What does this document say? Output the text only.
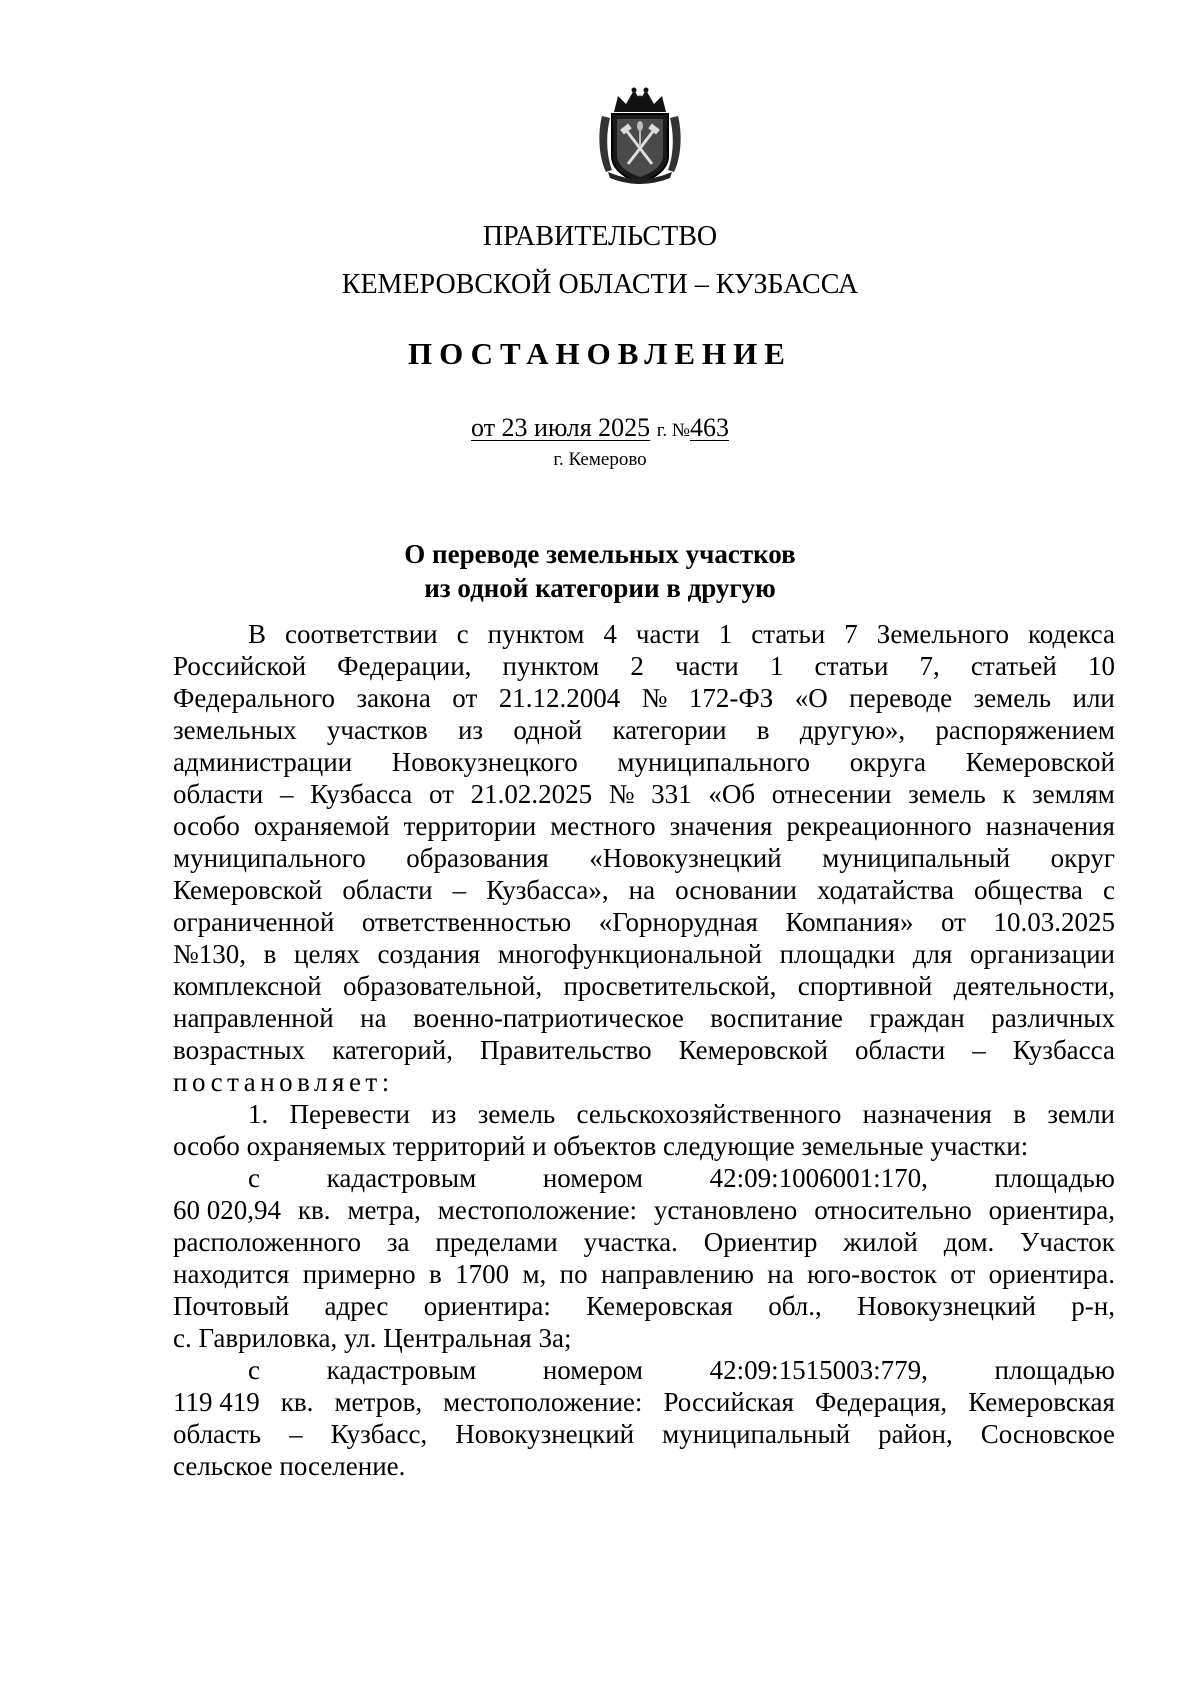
ПРАВИТЕЛЬСТВО
КЕМЕРОВСКОЙ ОБЛАСТИ – КУЗБАССА
ПОСТАНОВЛЕНИЕ
от 23 июля 2025 г. №463
г. Кемерово
О переводе земельных участков
из одной категории в другую
В соответствии с пунктом 4 части 1 статьи 7 Земельного кодекса
Российской Федерации, пунктом 2 части 1 статьи 7, статьей 10
Федерального закона от 21.12.2004 № 172-ФЗ «О переводе земель или
земельных участков из одной категории в другую», распоряжением
администрации Новокузнецкого муниципального округа Кемеровской
области – Кузбасса от 21.02.2025 № 331 «Об отнесении земель к землям
особо охраняемой территории местного значения рекреационного назначения
муниципального образования «Новокузнецкий муниципальный округ
Кемеровской области – Кузбасса», на основании ходатайства общества с
ограниченной ответственностью «Горнорудная Компания» от 10.03.2025
№130, в целях создания многофункциональной площадки для организации
комплексной образовательной, просветительской, спортивной деятельности,
направленной на военно-патриотическое воспитание граждан различных
возрастных категорий, Правительство Кемеровской области – Кузбасса
постановляет:
1. Перевести из земель сельскохозяйственного назначения в земли
особо охраняемых территорий и объектов следующие земельные участки:
с кадастровым номером 42:09:1006001:170, площадью
60 020,94 кв. метра, местоположение: установлено относительно ориентира,
расположенного за пределами участка. Ориентир жилой дом. Участок
находится примерно в 1700 м, по направлению на юго-восток от ориентира.
Почтовый адрес ориентира: Кемеровская обл., Новокузнецкий р-н,
с. Гавриловка, ул. Центральная 3а;
с кадастровым номером 42:09:1515003:779, площадью
119 419 кв. метров, местоположение: Российская Федерация, Кемеровская
область – Кузбасс, Новокузнецкий муниципальный район, Сосновское
сельское поселение.
